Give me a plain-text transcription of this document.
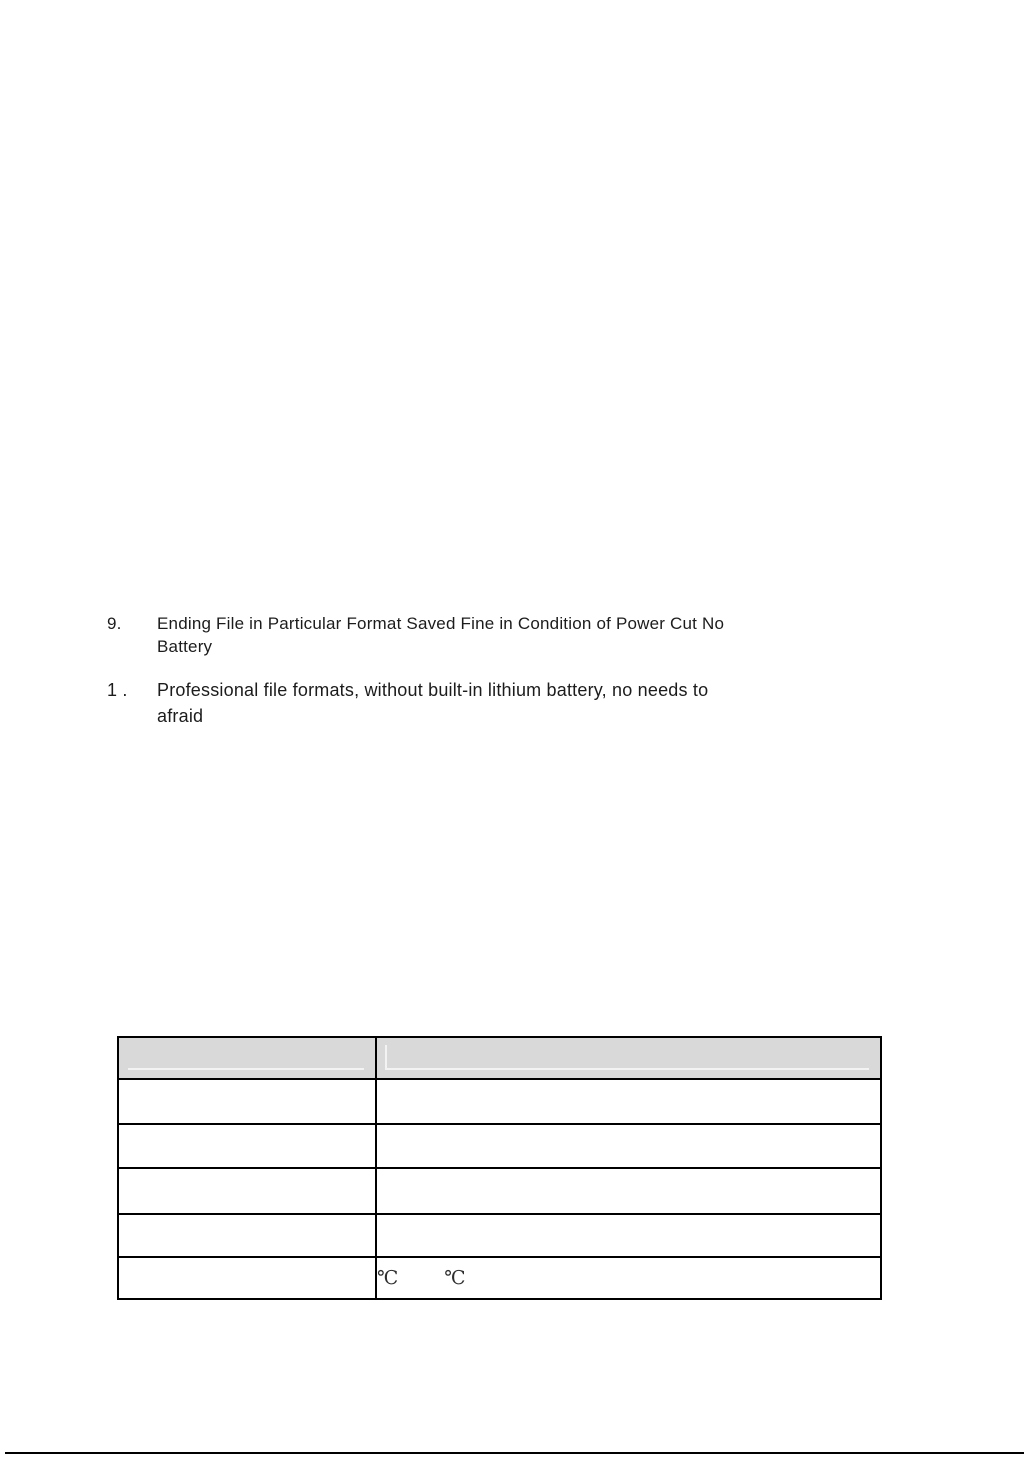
9.	Ending File in Particular Format Saved Fine in Condition of Power Cut No
Battery
1 .	Professional file formats, without built-in lithium battery, no needs to
afraid

	℃ ℃
